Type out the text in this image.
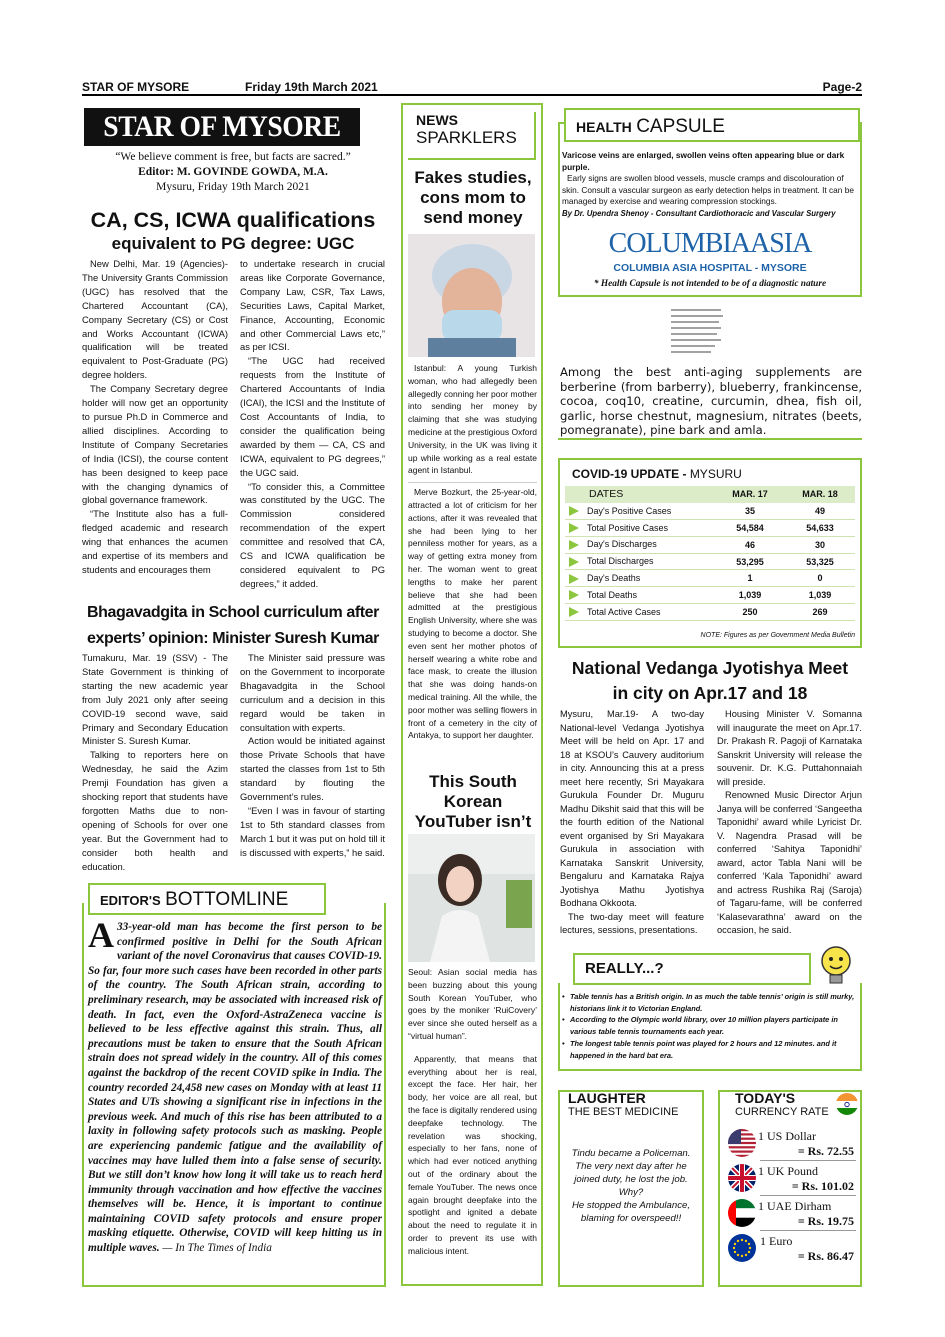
STAR OF MYSORE	Friday 19th March 2021	Page-2
STAR OF MYSORE
“We believe comment is free, but facts are sacred.”
Editor: M. GOVINDE GOWDA, M.A.
Mysuru, Friday 19th March 2021
CA, CS, ICWA qualifications
equivalent to PG degree: UGC

New Delhi, Mar. 19 (Agencies)- The University Grants Commission (UGC) has resolved that the Chartered Accountant (CA), Company Secretary (CS) or Cost and Works Accountant (ICWA) qualification will be treated equivalent to Post-Graduate (PG) degree holders.

The Company Secretary degree holder will now get an opportunity to pursue Ph.D in Commerce and allied disciplines. According to Institute of Company Secretaries of India (ICSI), the course content has been designed to keep pace with the changing dynamics of global governance framework.

“The Institute also has a full-fledged academic and research wing that enhances the acumen and expertise of its members and students and encourages them

to undertake research in crucial areas like Corporate Governance, Company Law, CSR, Tax Laws, Securities Laws, Capital Market, Finance, Accounting, Economic and other Commercial Laws etc,” as per ICSI.

“The UGC had received requests from the Institute of Chartered Accountants of India (ICAI), the ICSI and the Institute of Cost Accountants of India, to consider the qualification being awarded by them — CA, CS and ICWA, equivalent to PG degrees,” the UGC said.

“To consider this, a Committee was constituted by the UGC. The Commission considered recommendation of the expert committee and resolved that CA, CS and ICWA qualification be considered equivalent to PG degrees,” it added.

Bhagavadgita in School curriculum after
experts’ opinion: Minister Suresh Kumar

Tumakuru, Mar. 19 (SSV) - The State Government is thinking of starting the new academic year from July 2021 only after seeing COVID-19 second wave, said Primary and Secondary Education Minister S. Suresh Kumar.

Talking to reporters here on Wednesday, he said the Azim Premji Foundation has given a shocking report that students have forgotten Maths due to non-opening of Schools for over one year. But the Government had to consider both health and education.

The Minister said pressure was on the Government to incorporate Bhagavadgita in the School curriculum and a decision in this regard would be taken in consultation with experts.

Action would be initiated against those Private Schools that have started the classes from 1st to 5th standard by flouting the Government’s rules.

“Even I was in favour of starting 1st to 5th standard classes from March 1 but it was put on hold till it is discussed with experts,” he said.

EDITOR'S BOTTOMLINE
A 33-year-old man has become the first person to be confirmed positive in Delhi for the South African variant of the novel Coronavirus that causes COVID-19. So far, four more such cases have been recorded in other parts of the country. The South African strain, according to preliminary research, may be associated with increased risk of death. In fact, even the Oxford-AstraZeneca vaccine is believed to be less effective against this strain. Thus, all precautions must be taken to ensure that the South African strain does not spread widely in the country. All of this comes against the backdrop of the recent COVID spike in India. The country recorded 24,458 new cases on Monday with at least 11 States and UTs showing a significant rise in infections in the previous week. And much of this rise has been attributed to a laxity in following safety protocols such as masking. People are experiencing pandemic fatigue and the availability of vaccines may have lulled them into a false sense of security. But we still don’t know how long it will take us to reach herd immunity through vaccination and how effective the vaccines themselves will be. Hence, it is important to continue maintaining COVID safety protocols and ensure proper masking etiquette. Otherwise, COVID will keep hitting us in multiple waves. — In The Times of India
NEWS
SPARKLERS
Fakes studies, cons mom to send money

Istanbul: A young Turkish woman, who had allegedly been allegedly conning her poor mother into sending her money by claiming that she was studying medicine at the prestigious Oxford University, in the UK was living it up while working as a real estate agent in Istanbul.

Merve Bozkurt, the 25-year-old, attracted a lot of criticism for her actions, after it was revealed that she had been lying to her penniless mother for years, as a way of getting extra money from her. The woman went to great lengths to make her parent believe that she had been admitted at the prestigious English University, where she was studying to become a doctor. She even sent her mother photos of herself wearing a white robe and face mask, to create the illusion that she was doing hands-on medical training. All the while, the poor mother was selling flowers in front of a cemetery in the city of Antakya, to support her daughter.

This South Korean YouTuber isn’t

Seoul: Asian social media has been buzzing about this young South Korean YouTuber, who goes by the moniker ‘RuiCovery’ ever since she outed herself as a “virtual human”.

Apparently, that means that everything about her is real, except the face. Her hair, her body, her voice are all real, but the face is digitally rendered using deepfake technology. The revelation was shocking, especially to her fans, none of which had ever noticed anything out of the ordinary about the female YouTuber. The news once again brought deepfake into the spotlight and ignited a debate about the need to regulate it in order to prevent its use with malicious intent.

HEALTH CAPSULE
Varicose veins are enlarged, swollen veins often appearing blue or dark purple.
Early signs are swollen blood vessels, muscle cramps and discolouration of skin. Consult a vascular surgeon as early detection helps in treatment. It can be managed by exercise and wearing compression stockings.
By Dr. Upendra Shenoy - Consultant Cardiothoracic and Vascular Surgery
COLUMBIAASIA
COLUMBIA ASIA HOSPITAL - MYSORE
* Health Capsule is not intended to be of a diagnostic nature
Among the best anti-aging supplements are berberine (from barberry), blueberry, frankincense, cocoa, coq10, creatine, curcumin, dhea, fish oil, garlic, horse chestnut, magnesium, nitrates (beets, pomegranate), pine bark and amla.
COVID-19 UPDATE - MYSURU
DATES	MAR. 17	MAR. 18
Day's Positive Cases	35	49
Total Positive Cases	54,584	54,633
Day's Discharges	46	30
Total Discharges	53,295	53,325
Day's Deaths	1	0
Total Deaths	1,039	1,039
Total Active Cases	250	269
NOTE: Figures as per Government Media Bulletin
National Vedanga Jyotishya Meet
in city on Apr.17 and 18

Mysuru, Mar.19- A two-day National-level Vedanga Jyotishya Meet will be held on Apr. 17 and 18 at KSOU’s Cauvery auditorium in city. Announcing this at a press meet here recently, Sri Mayakara Gurukula Founder Dr. Muguru Madhu Dikshit said that this will be the fourth edition of the National event organised by Sri Mayakara Gurukula in association with Karnataka Sanskrit University, Bengaluru and Karnataka Rajya Jyotishya Mathu Jyotishya Bodhana Okkoota.

The two-day meet will feature lectures, sessions, presentations.

Housing Minister V. Somanna will inaugurate the meet on Apr.17. Dr. Prakash R. Pagoji of Karnataka Sanskrit University will release the souvenir. Dr. K.G. Puttahonnaiah will preside.

Renowned Music Director Arjun Janya will be conferred ‘Sangeetha Taponidhi’ award while Lyricist Dr. V. Nagendra Prasad will be conferred ‘Sahitya Taponidhi’ award, actor Tabla Nani will be conferred ‘Kala Taponidhi’ award and actress Rushika Raj (Saroja) of Tagaru-fame, will be conferred ‘Kalasevarathna’ award on the occasion, he said.

REALLY...?
• Table tennis has a British origin. In as much the table tennis’ origin is still murky, historians link it to Victorian England.
• According to the Olympic world library, over 10 million players participate in various table tennis tournaments each year.
• The longest table tennis point was played for 2 hours and 12 minutes. and it happened in the hard bat era.
LAUGHTER
THE BEST MEDICINE
Tindu became a Policeman.
The very next day after he
joined duty, he lost the job.
Why?
He stopped the Ambulance,
blaming for overspeed!!
TODAY'S
CURRENCY RATE
1 US Dollar
= Rs. 72.55
1 UK Pound
= Rs. 101.02
1 UAE Dirham
= Rs. 19.75
1 Euro
= Rs. 86.47
